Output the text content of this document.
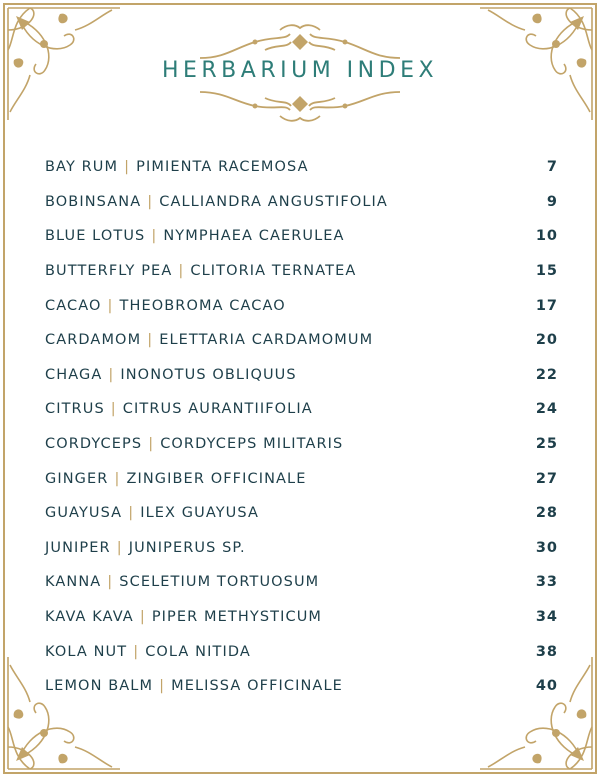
HERBARIUM INDEX
BAY RUM | PIMIENTA RACEMOSA	7
BOBINSANA | CALLIANDRA ANGUSTIFOLIA	9
BLUE LOTUS | NYMPHAEA CAERULEA	10
BUTTERFLY PEA | CLITORIA TERNATEA	15
CACAO | THEOBROMA CACAO	17
CARDAMOM | ELETTARIA CARDAMOMUM	20
CHAGA | INONOTUS OBLIQUUS	22
CITRUS | CITRUS AURANTIIFOLIA	24
CORDYCEPS | CORDYCEPS MILITARIS	25
GINGER | ZINGIBER OFFICINALE	27
GUAYUSA | ILEX GUAYUSA	28
JUNIPER | JUNIPERUS SP.	30
KANNA | SCELETIUM TORTUOSUM	33
KAVA KAVA | PIPER METHYSTICUM	34
KOLA NUT | COLA NITIDA	38
LEMON BALM | MELISSA OFFICINALE	40
